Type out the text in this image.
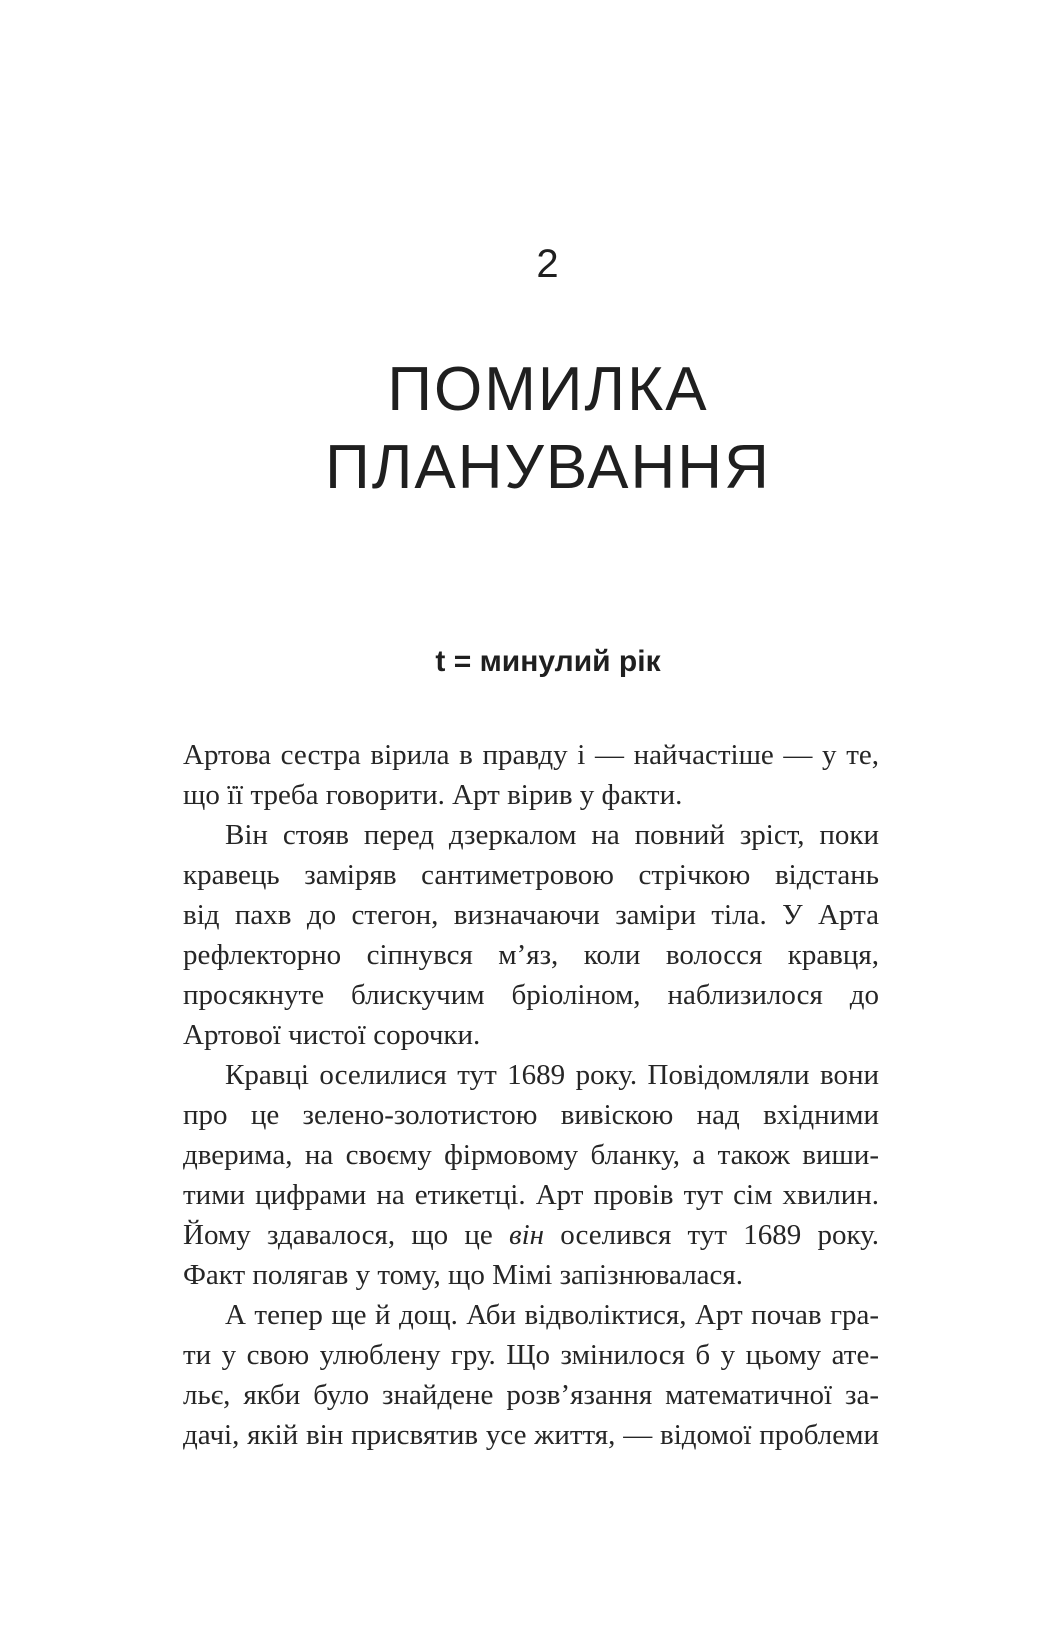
2
ПОМИЛКА
ПЛАНУВАННЯ
t = минулий рік
Артова сестра вірила в правду і — найчастіше — у те,
що її треба говорити. Арт вірив у факти.
Він стояв перед дзеркалом на повний зріст, поки
кравець заміряв сантиметровою стрічкою відстань
від пахв до стегон, визначаючи заміри тіла. У Арта
рефлекторно сіпнувся м’яз, коли волосся кравця,
просякнуте блискучим бріоліном, наблизилося до
Артової чистої сорочки.
Кравці оселилися тут 1689 року. Повідомляли вони
про це зелено-золотистою вивіскою над вхідними
дверима, на своєму фірмовому бланку, а також виши-
тими цифрами на етикетці. Арт провів тут сім хвилин.
Йому здавалося, що це він оселився тут 1689 року.
Факт полягав у тому, що Мімі запізнювалася.
А тепер ще й дощ. Аби відволіктися, Арт почав гра-
ти у свою улюблену гру. Що змінилося б у цьому ате-
льє, якби було знайдене розв’язання математичної за-
дачі, якій він присвятив усе життя, — відомої проблеми
